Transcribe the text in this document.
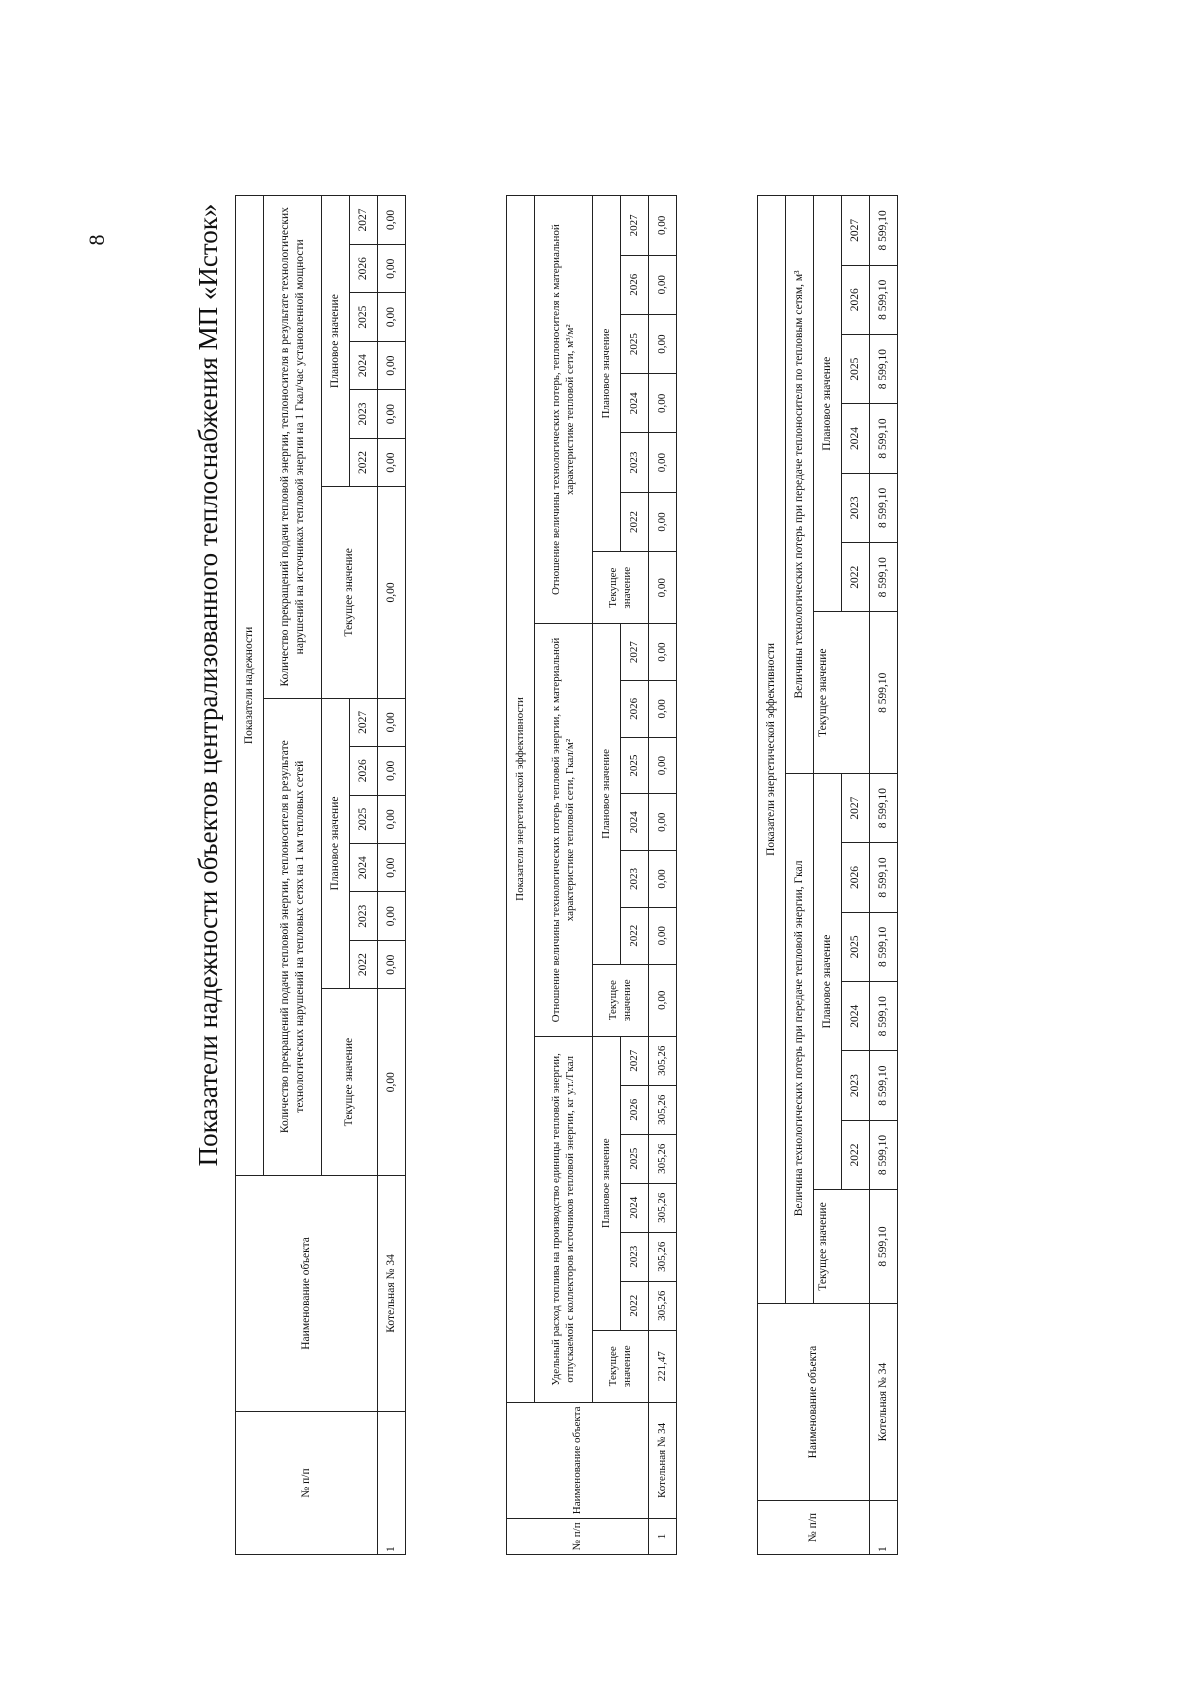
8	Показатели надежности объектов централизованного теплоснабжения МП «Исток»
№ п/п	Наименование объекта	Показатели надежности													
		Количество прекращений подачи тепловой энергии, теплоносителя в результате технологических нарушений на тепловых сетях на 1 км тепловых сетей							Количество прекращений подачи тепловой энергии, теплоносителя в результате технологических нарушений на источниках тепловой энергии на 1 Гкал/час установленной мощности						
		Текущее значение	Плановое значение						Текущее значение	Плановое значение					
			2022	2023	2024	2025	2026	2027		2022	2023	2024	2025	2026	2027
1	Котельная № 34	0,00	0,00	0,00	0,00	0,00	0,00	0,00	0,00	0,00	0,00	0,00	0,00	0,00	0,00
№ п/п	Наименование объекта	Показатели энергетической эффективности																				
		Удельный расход топлива на производство единицы тепловой энергии, отпускаемой с коллекторов источников тепловой энергии, кг у.т./Гкал							Отношение величины технологических потерь тепловой энергии, к материальной характеристике тепловой сети, Гкал/м²							Отношение величины технологических потерь, теплоносителя к материальной характеристике тепловой сети, м³/м²						
		Текущее значение	Плановое значение						Текущее значение	Плановое значение						Текущее значение	Плановое значение					
			2022	2023	2024	2025	2026	2027		2022	2023	2024	2025	2026	2027		2022	2023	2024	2025	2026	2027
1	Котельная № 34	221,47	305,26	305,26	305,26	305,26	305,26	305,26	0,00	0,00	0,00	0,00	0,00	0,00	0,00	0,00	0,00	0,00	0,00	0,00	0,00	0,00
№ п/п	Наименование объекта	Показатели энергетической эффективности													
		Величина технологических потерь при передаче тепловой энергии, Гкал							Величины технологических потерь при передаче теплоносителя по тепловым сетям, м³						
		Текущее значение	Плановое значение						Текущее значение	Плановое значение					
			2022	2023	2024	2025	2026	2027		2022	2023	2024	2025	2026	2027
1	Котельная № 34	8 599,10	8 599,10	8 599,10	8 599,10	8 599,10	8 599,10	8 599,10	8 599,10	8 599,10	8 599,10	8 599,10	8 599,10	8 599,10	8 599,10
